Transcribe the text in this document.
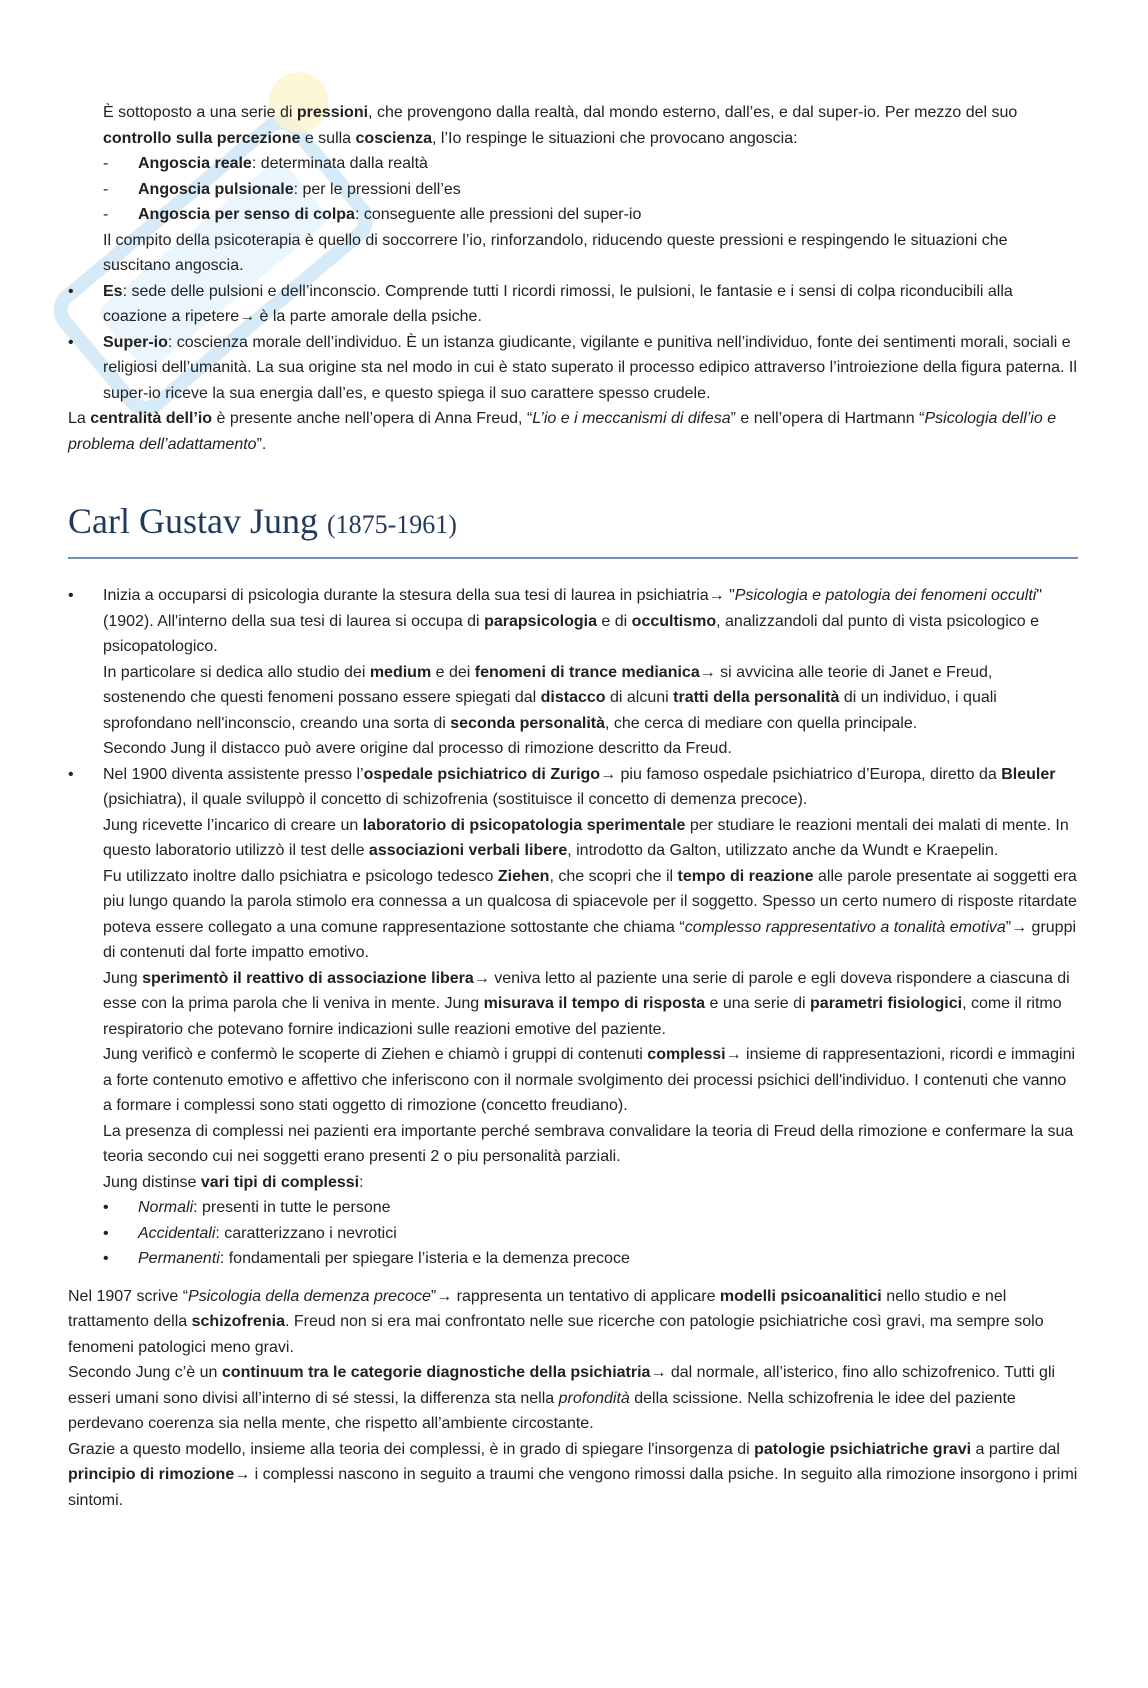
È sottoposto a una serie di pressioni, che provengono dalla realtà, dal mondo esterno, dall’es, e dal super-io. Per mezzo del suo controllo sulla percezione e sulla coscienza, l’Io respinge le situazioni che provocano angoscia:
- Angoscia reale: determinata dalla realtà
- Angoscia pulsionale: per le pressioni dell’es
- Angoscia per senso di colpa: conseguente alle pressioni del super-io
Il compito della psicoterapia è quello di soccorrere l’io, rinforzandolo, riducendo queste pressioni e respingendo le situazioni che suscitano angoscia.
• Es: sede delle pulsioni e dell’inconscio. Comprende tutti I ricordi rimossi, le pulsioni, le fantasie e i sensi di colpa riconducibili alla coazione a ripetere→ è la parte amorale della psiche.
• Super-io: coscienza morale dell’individuo. È un istanza giudicante, vigilante e punitiva nell’individuo, fonte dei sentimenti morali, sociali e religiosi dell’umanità. La sua origine sta nel modo in cui è stato superato il processo edipico attraverso l’introiezione della figura paterna. Il super-io riceve la sua energia dall’es, e questo spiega il suo carattere spesso crudele.
La centralità dell’io è presente anche nell’opera di Anna Freud, “L’io e i meccanismi di difesa” e nell’opera di Hartmann “Psicologia dell’io e problema dell’adattamento”.
Carl Gustav Jung (1875-1961)
• Inizia a occuparsi di psicologia durante la stesura della sua tesi di laurea in psichiatria→ "Psicologia e patologia dei fenomeni occulti" (1902). All'interno della sua tesi di laurea si occupa di parapsicologia e di occultismo, analizzandoli dal punto di vista psicologico e psicopatologico.
In particolare si dedica allo studio dei medium e dei fenomeni di trance medianica→ si avvicina alle teorie di Janet e Freud, sostenendo che questi fenomeni possano essere spiegati dal distacco di alcuni tratti della personalità di un individuo, i quali sprofondano nell'inconscio, creando una sorta di seconda personalità, che cerca di mediare con quella principale.
Secondo Jung il distacco può avere origine dal processo di rimozione descritto da Freud.
• Nel 1900 diventa assistente presso l’ospedale psichiatrico di Zurigo→ piu famoso ospedale psichiatrico d’Europa, diretto da Bleuler (psichiatra), il quale sviluppò il concetto di schizofrenia (sostituisce il concetto di demenza precoce).
Jung ricevette l’incarico di creare un laboratorio di psicopatologia sperimentale per studiare le reazioni mentali dei malati di mente. In questo laboratorio utilizzò il test delle associazioni verbali libere, introdotto da Galton, utilizzato anche da Wundt e Kraepelin.
Fu utilizzato inoltre dallo psichiatra e psicologo tedesco Ziehen, che scopri che il tempo di reazione alle parole presentate ai soggetti era piu lungo quando la parola stimolo era connessa a un qualcosa di spiacevole per il soggetto. Spesso un certo numero di risposte ritardate poteva essere collegato a una comune rappresentazione sottostante che chiama “complesso rappresentativo a tonalità emotiva”→ gruppi di contenuti dal forte impatto emotivo.
Jung sperimentò il reattivo di associazione libera→ veniva letto al paziente una serie di parole e egli doveva rispondere a ciascuna di esse con la prima parola che li veniva in mente. Jung misurava il tempo di risposta e una serie di parametri fisiologici, come il ritmo respiratorio che potevano fornire indicazioni sulle reazioni emotive del paziente.
Jung verificò e confermò le scoperte di Ziehen e chiamò i gruppi di contenuti complessi→ insieme di rappresentazioni, ricordi e immagini a forte contenuto emotivo e affettivo che inferiscono con il normale svolgimento dei processi psichici dell'individuo. I contenuti che vanno a formare i complessi sono stati oggetto di rimozione (concetto freudiano).
La presenza di complessi nei pazienti era importante perché sembrava convalidare la teoria di Freud della rimozione e confermare la sua teoria secondo cui nei soggetti erano presenti 2 o piu personalità parziali.
Jung distinse vari tipi di complessi:
• Normali: presenti in tutte le persone
• Accidentali: caratterizzano i nevrotici
• Permanenti: fondamentali per spiegare l’isteria e la demenza precoce
Nel 1907 scrive “Psicologia della demenza precoce”→ rappresenta un tentativo di applicare modelli psicoanalitici nello studio e nel trattamento della schizofrenia. Freud non si era mai confrontato nelle sue ricerche con patologie psichiatriche così gravi, ma sempre solo fenomeni patologici meno gravi.
Secondo Jung c’è un continuum tra le categorie diagnostiche della psichiatria→ dal normale, all’isterico, fino allo schizofrenico. Tutti gli esseri umani sono divisi all’interno di sé stessi, la differenza sta nella profondità della scissione. Nella schizofrenia le idee del paziente perdevano coerenza sia nella mente, che rispetto all’ambiente circostante.
Grazie a questo modello, insieme alla teoria dei complessi, è in grado di spiegare l'insorgenza di patologie psichiatriche gravi a partire dal principio di rimozione→ i complessi nascono in seguito a traumi che vengono rimossi dalla psiche. In seguito alla rimozione insorgono i primi sintomi.
